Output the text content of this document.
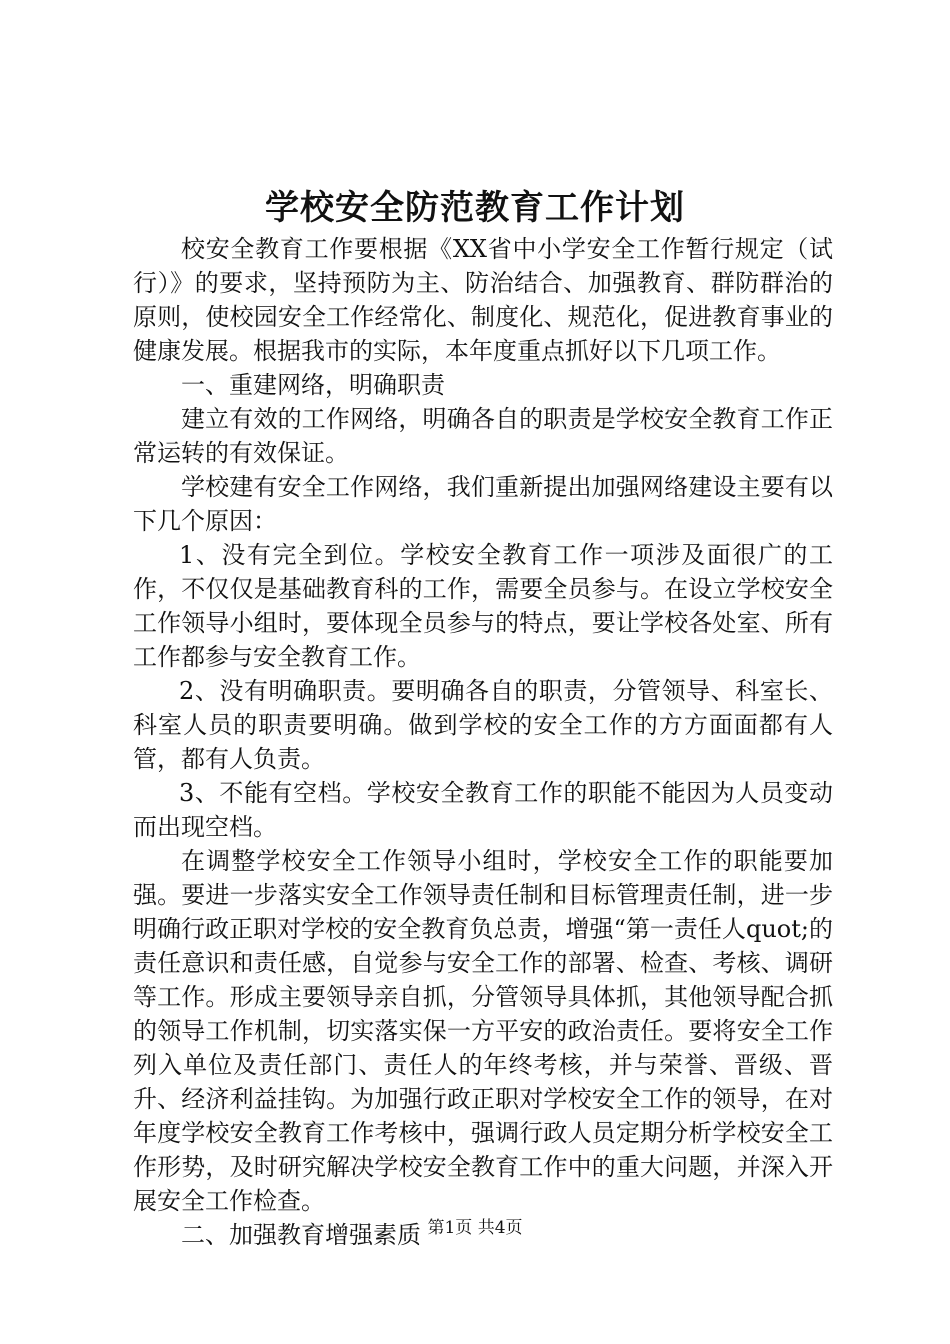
学校安全防范教育工作计划

校安全教育工作要根据《XX省中小学安全工作暂行规定（试行）》的要求，坚持预防为主、防治结合、加强教育、群防群治的原则，使校园安全工作经常化、制度化、规范化，促进教育事业的健康发展。根据我市的实际，本年度重点抓好以下几项工作。

一、重建网络，明确职责

建立有效的工作网络，明确各自的职责是学校安全教育工作正常运转的有效保证。

学校建有安全工作网络，我们重新提出加强网络建设主要有以下几个原因：

1、没有完全到位。学校安全教育工作一项涉及面很广的工作，不仅仅是基础教育科的工作，需要全员参与。在设立学校安全工作领导小组时，要体现全员参与的特点，要让学校各处室、所有工作都参与安全教育工作。

2、没有明确职责。要明确各自的职责，分管领导、科室长、科室人员的职责要明确。做到学校的安全工作的方方面面都有人管，都有人负责。

3、不能有空档。学校安全教育工作的职能不能因为人员变动而出现空档。

在调整学校安全工作领导小组时，学校安全工作的职能要加强。要进一步落实安全工作领导责任制和目标管理责任制，进一步明确行政正职对学校的安全教育负总责，增强“第一责任人quot;的责任意识和责任感，自觉参与安全工作的部署、检查、考核、调研等工作。形成主要领导亲自抓，分管领导具体抓，其他领导配合抓的领导工作机制，切实落实保一方平安的政治责任。要将安全工作列入单位及责任部门、责任人的年终考核，并与荣誉、晋级、晋升、经济利益挂钩。为加强行政正职对学校安全工作的领导，在对年度学校安全教育工作考核中，强调行政人员定期分析学校安全工作形势，及时研究解决学校安全教育工作中的重大问题，并深入开展安全工作检查。

二、加强教育增强素质 第1页 共4页
